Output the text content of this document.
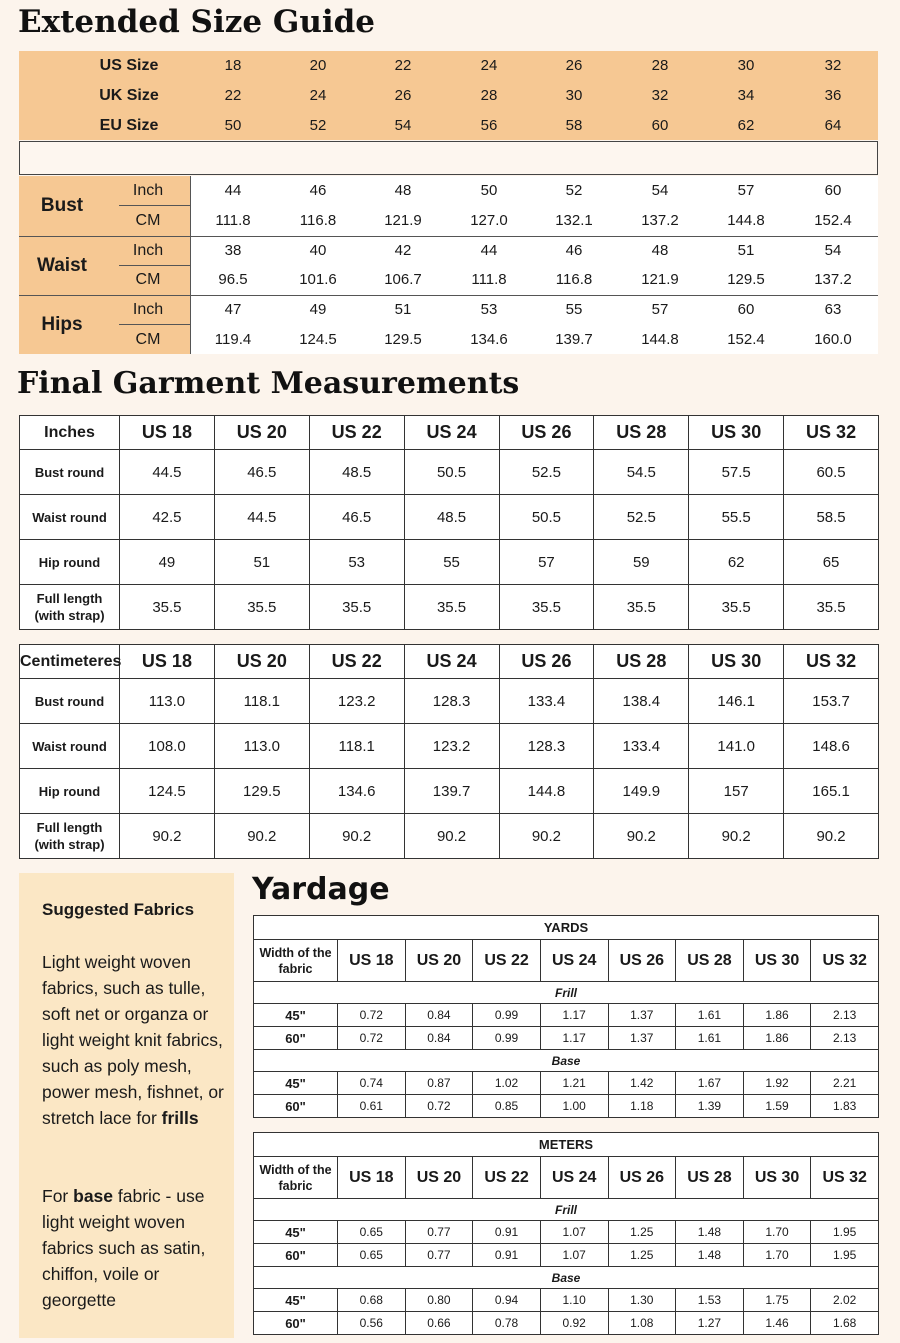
Extended Size Guide
US Size	18	20	22	24	26	28	30	32
UK Size	22	24	26	28	30	32	34	36
EU Size	50	52	54	56	58	60	62	64
Bust
Inch	44	46	48	50	52	54	57	60
CM	111.8	116.8	121.9	127.0	132.1	137.2	144.8	152.4
Waist
Inch	38	40	42	44	46	48	51	54
CM	96.5	101.6	106.7	111.8	116.8	121.9	129.5	137.2
Hips
Inch	47	49	51	53	55	57	60	63
CM	119.4	124.5	129.5	134.6	139.7	144.8	152.4	160.0
Final Garment Measurements
Inches	US 18	US 20	US 22	US 24	US 26	US 28	US 30	US 32

Bust round	44.5	46.5	48.5	50.5	52.5	54.5	57.5	60.5

Waist round	42.5	44.5	46.5	48.5	50.5	52.5	55.5	58.5

Hip round	49	51	53	55	57	59	62	65

Full length
(with strap)	35.5	35.5	35.5	35.5	35.5	35.5	35.5	35.5
Centimeteres	US 18	US 20	US 22	US 24	US 26	US 28	US 30	US 32

Bust round	113.0	118.1	123.2	128.3	133.4	138.4	146.1	153.7

Waist round	108.0	113.0	118.1	123.2	128.3	133.4	141.0	148.6

Hip round	124.5	129.5	134.6	139.7	144.8	149.9	157	165.1

Full length
(with strap)	90.2	90.2	90.2	90.2	90.2	90.2	90.2	90.2
Suggested Fabrics
Light weight woven fabrics, such as tulle, soft net or organza or light weight knit fabrics, such as poly mesh, power mesh, fishnet, or stretch lace for frills
For base fabric - use light weight woven fabrics such as satin, chiffon, voile or georgette
Yardage
YARDS								

Width of the
fabric	US 18	US 20	US 22	US 24	US 26	US 28	US 30	US 32
Frill								
45"	0.72	0.84	0.99	1.17	1.37	1.61	1.86	2.13
60"	0.72	0.84	0.99	1.17	1.37	1.61	1.86	2.13
Base								
45"	0.74	0.87	1.02	1.21	1.42	1.67	1.92	2.21
60"	0.61	0.72	0.85	1.00	1.18	1.39	1.59	1.83
METERS								

Width of the
fabric	US 18	US 20	US 22	US 24	US 26	US 28	US 30	US 32
Frill								
45"	0.65	0.77	0.91	1.07	1.25	1.48	1.70	1.95
60"	0.65	0.77	0.91	1.07	1.25	1.48	1.70	1.95
Base								
45"	0.68	0.80	0.94	1.10	1.30	1.53	1.75	2.02
60"	0.56	0.66	0.78	0.92	1.08	1.27	1.46	1.68
